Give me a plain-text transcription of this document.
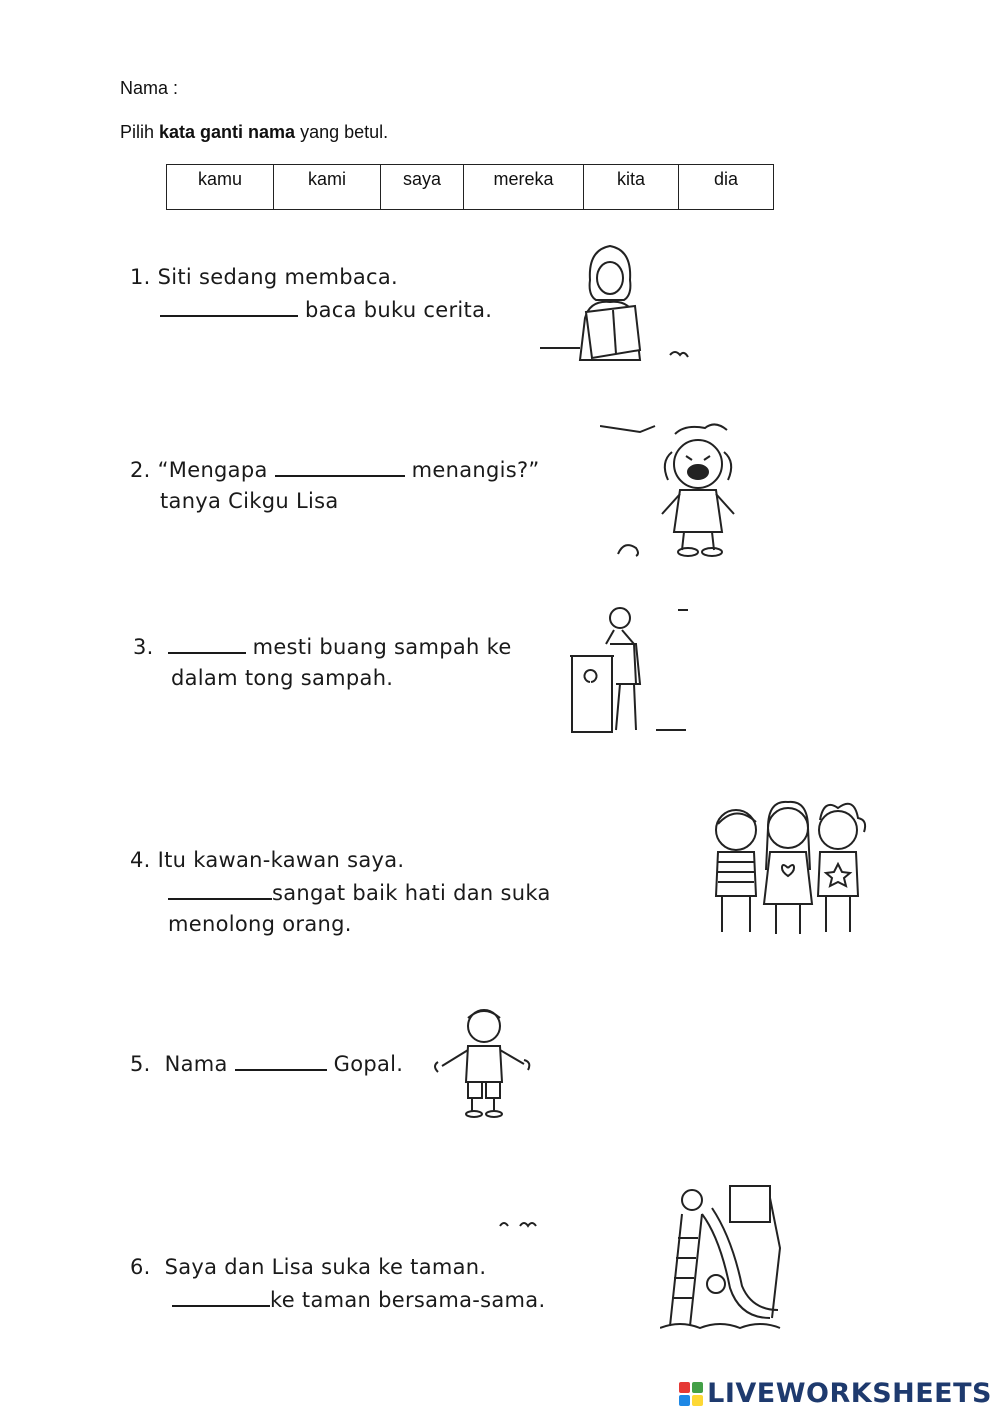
Nama :
Pilih kata ganti nama yang betul.
kamu	kami	saya	mereka	kita	dia
1. Siti sedang membaca.
baca buku cerita.
2. “Mengapa	menangis?”
tanya Cikgu Lisa
3.	mesti buang sampah ke
dalam tong sampah.
4. Itu kawan-kawan saya.
sangat baik hati dan suka
menolong orang.
5. Nama	Gopal.
6. Saya dan Lisa suka ke taman.
ke taman bersama-sama.
LIVEWORKSHEETS
